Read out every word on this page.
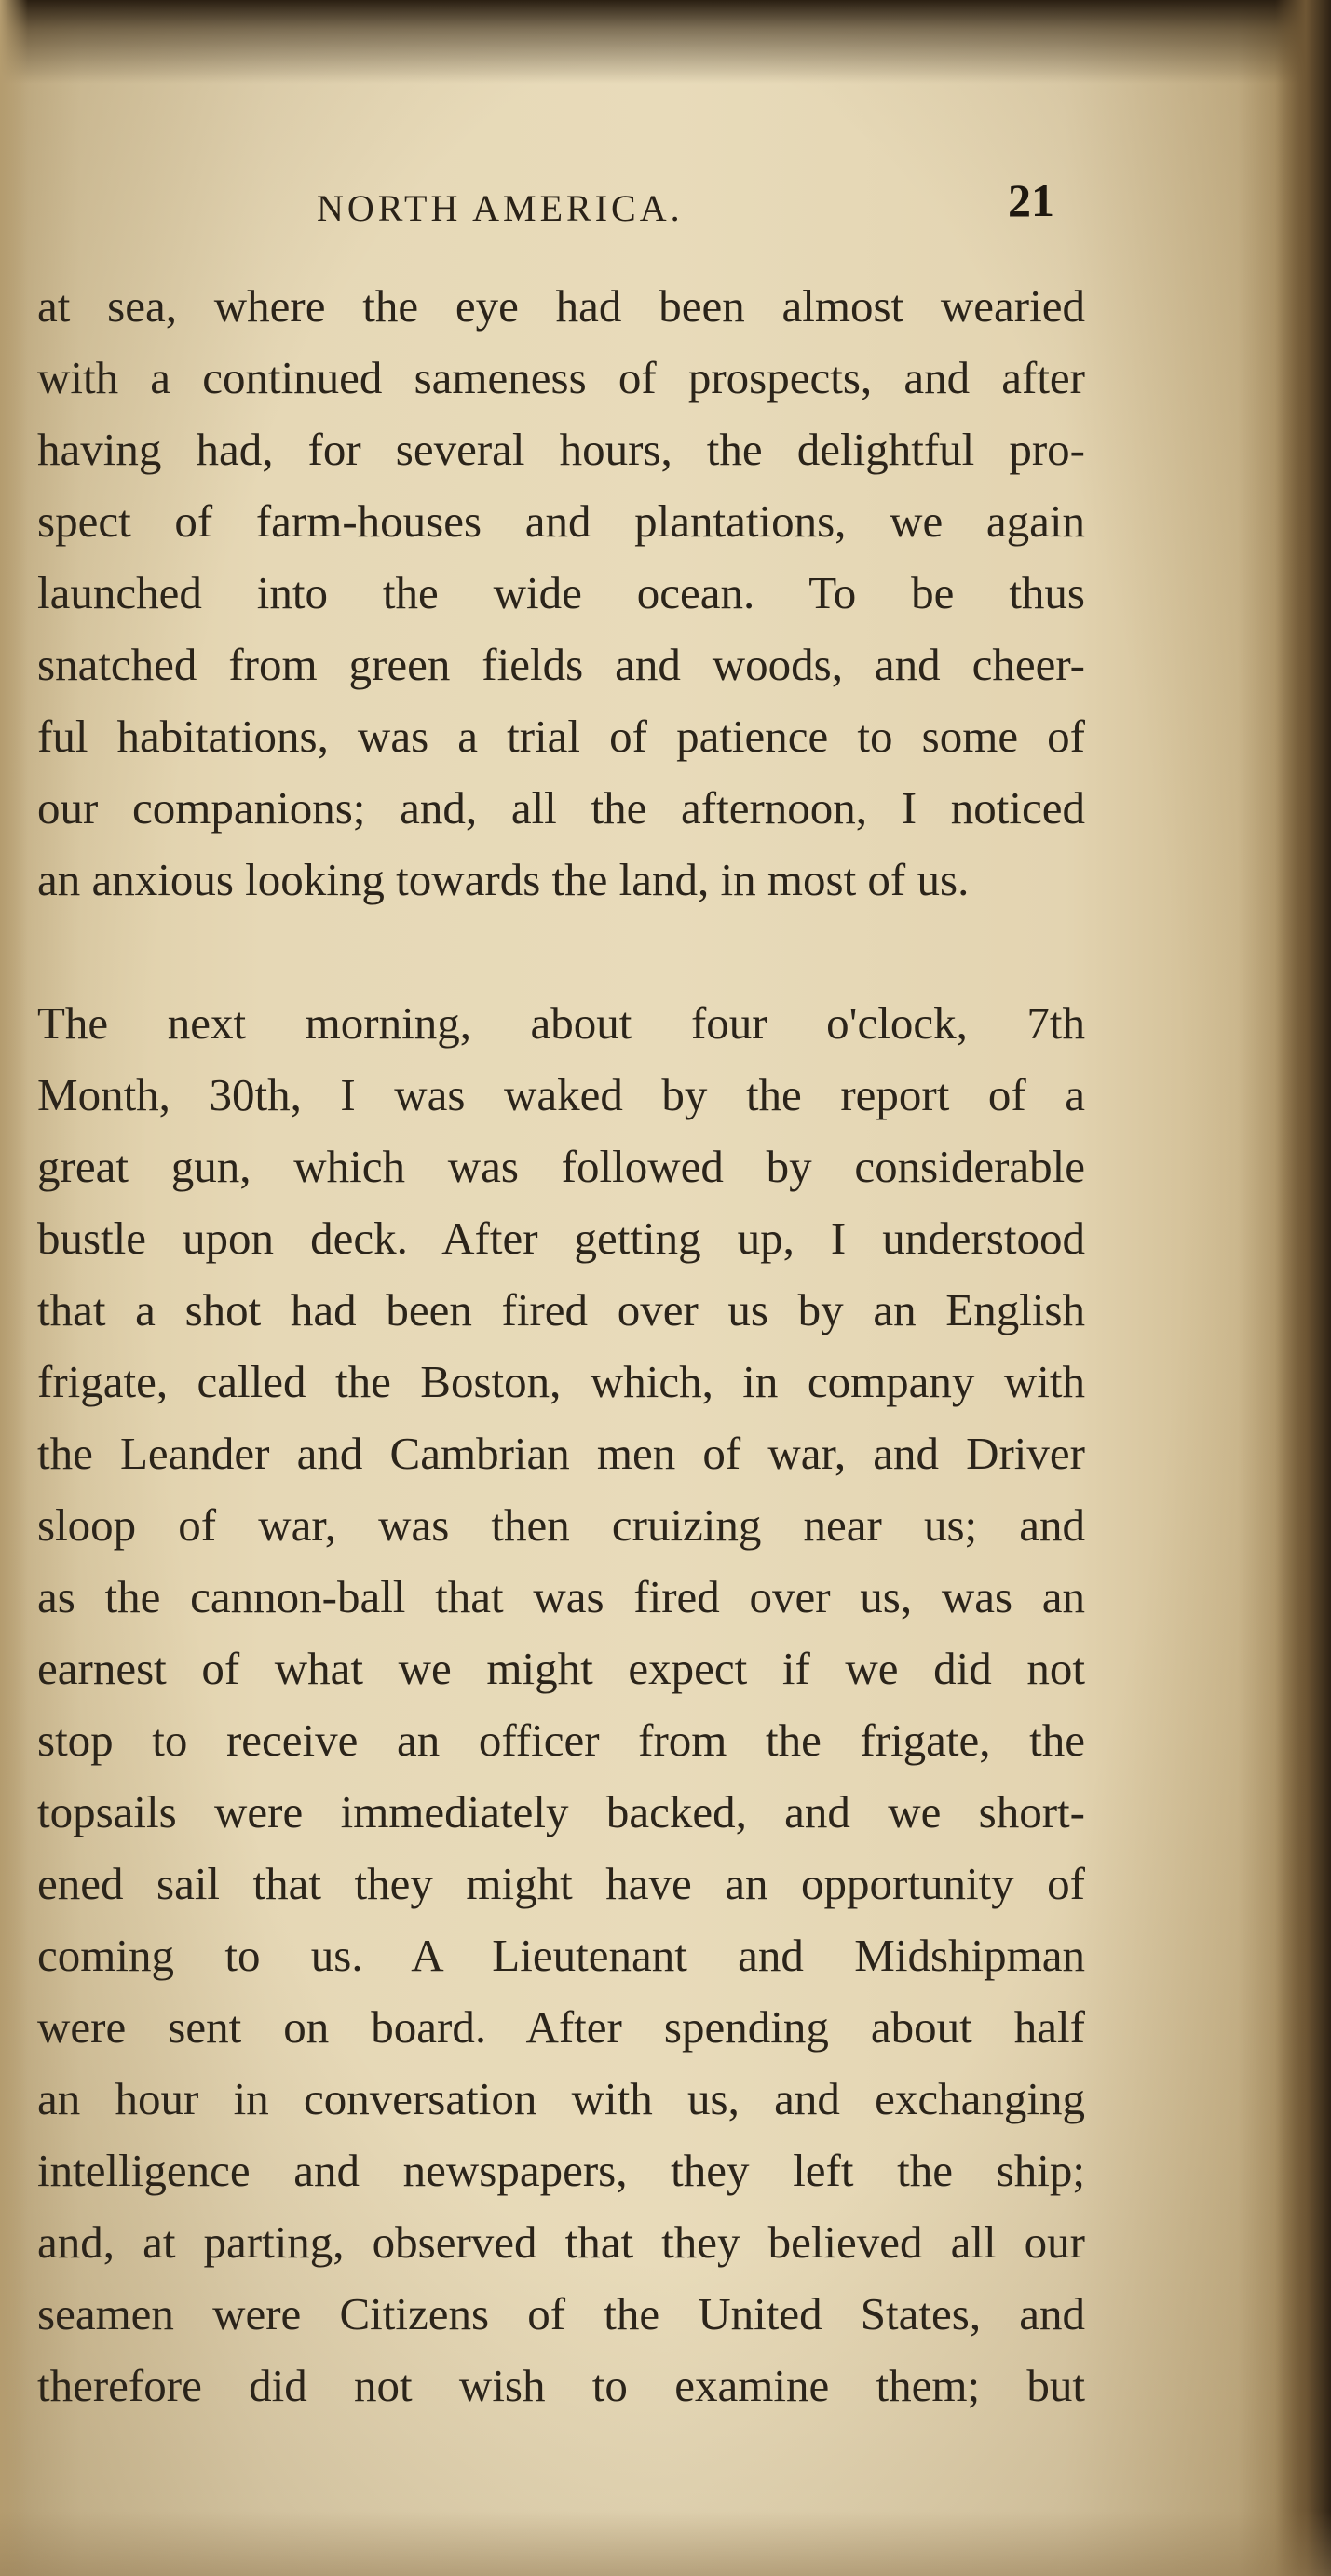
NORTH AMERICA.	21
at sea, where the eye had been almost wearied
with a continued sameness of prospects, and after
having had, for several hours, the delightful pro-
spect of farm-houses and plantations, we again
launched into the wide ocean. To be thus
snatched from green fields and woods, and cheer-
ful habitations, was a trial of patience to some of
our companions; and, all the afternoon, I noticed
an anxious looking towards the land, in most of us.
The next morning, about four o'clock, 7th
Month, 30th, I was waked by the report of a
great gun, which was followed by considerable
bustle upon deck. After getting up, I understood
that a shot had been fired over us by an English
frigate, called the Boston, which, in company with
the Leander and Cambrian men of war, and Driver
sloop of war, was then cruizing near us; and
as the cannon-ball that was fired over us, was an
earnest of what we might expect if we did not
stop to receive an officer from the frigate, the
topsails were immediately backed, and we short-
ened sail that they might have an opportunity of
coming to us. A Lieutenant and Midshipman
were sent on board. After spending about half
an hour in conversation with us, and exchanging
intelligence and newspapers, they left the ship;
and, at parting, observed that they believed all our
seamen were Citizens of the United States, and
therefore did not wish to examine them; but
